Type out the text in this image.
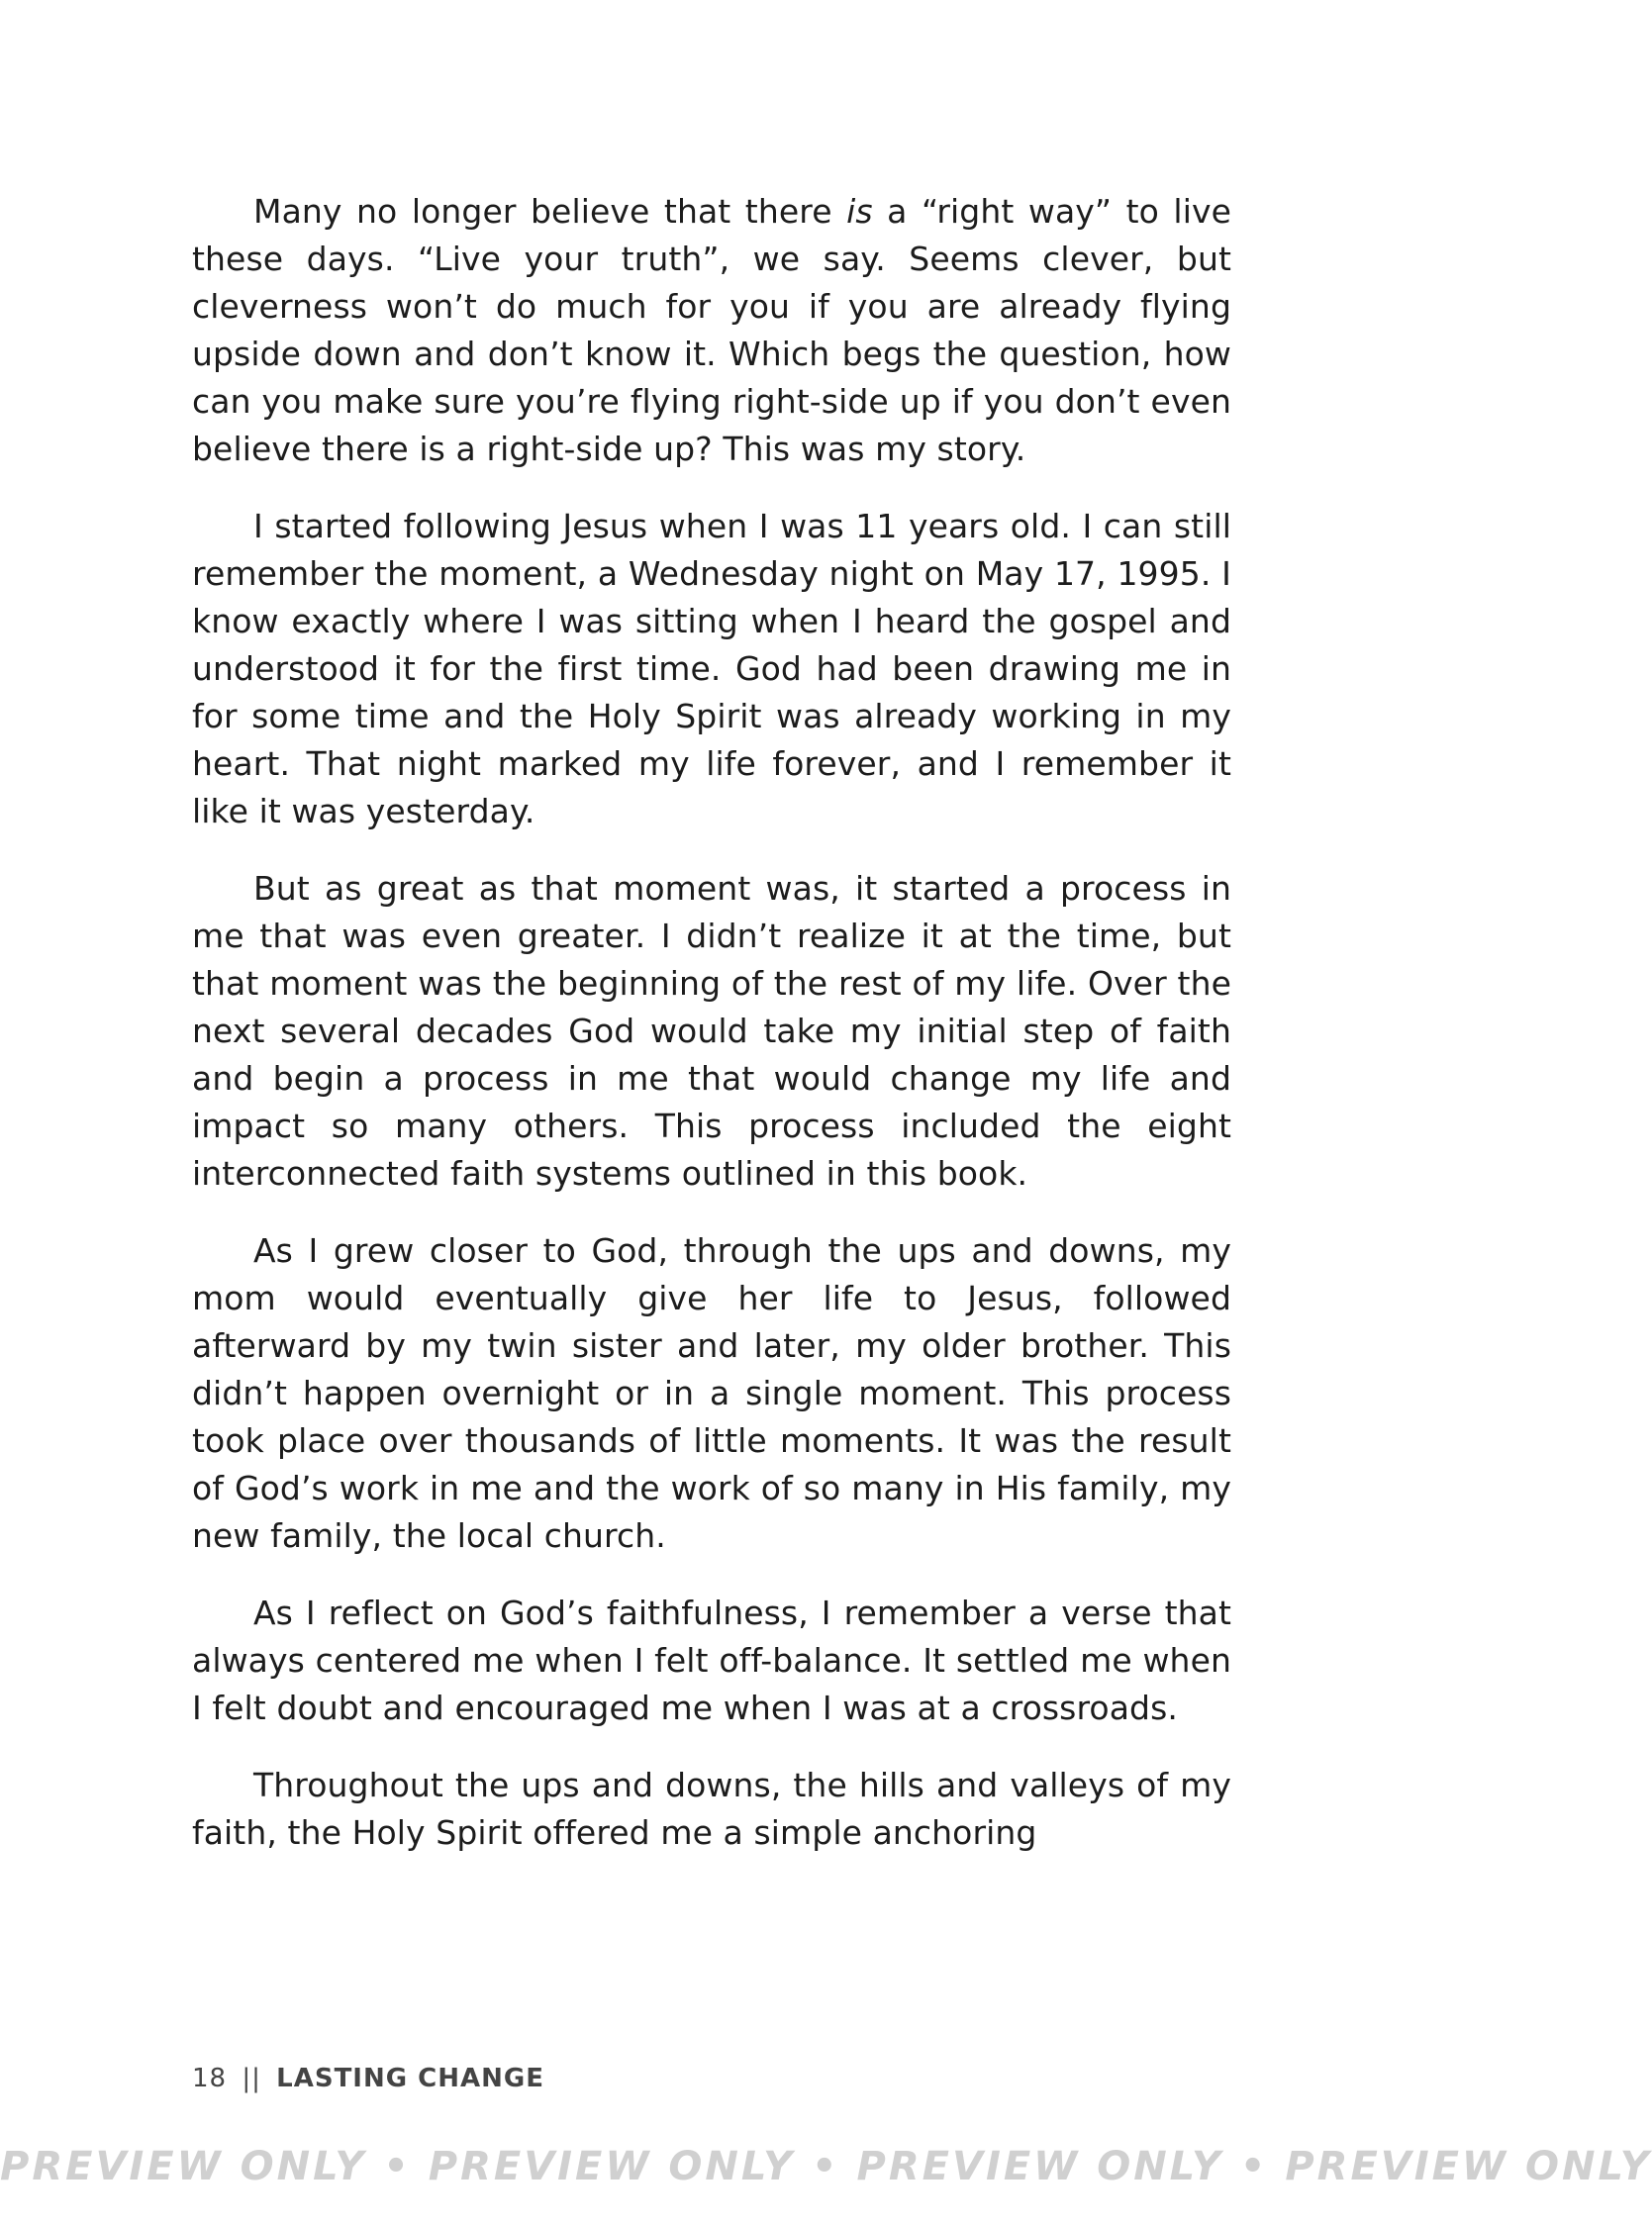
Many no longer believe that there is a “right way” to live these days. “Live your truth”, we say. Seems clever, but cleverness won’t do much for you if you are already flying upside down and don’t know it. Which begs the question, how can you make sure you’re flying right-side up if you don’t even believe there is a right-side up? This was my story.

I started following Jesus when I was 11 years old. I can still remember the moment, a Wednesday night on May 17, 1995. I know exactly where I was sitting when I heard the gospel and understood it for the first time. God had been drawing me in for some time and the Holy Spirit was already working in my heart. That night marked my life forever, and I remember it like it was yesterday.

But as great as that moment was, it started a process in me that was even greater. I didn’t realize it at the time, but that moment was the beginning of the rest of my life. Over the next several decades God would take my initial step of faith and begin a process in me that would change my life and impact so many others. This process included the eight interconnected faith systems outlined in this book.

As I grew closer to God, through the ups and downs, my mom would eventually give her life to Jesus, followed afterward by my twin sister and later, my older brother. This didn’t happen overnight or in a single moment. This process took place over thousands of little moments. It was the result of God’s work in me and the work of so many in His family, my new family, the local church.

As I reflect on God’s faithfulness, I remember a verse that always centered me when I felt off-balance. It settled me when I felt doubt and encouraged me when I was at a crossroads.

Throughout the ups and downs, the hills and valleys of my faith, the Holy Spirit offered me a simple anchoring

18 || LASTING CHANGE
PREVIEW ONLY • PREVIEW ONLY • PREVIEW ONLY • PREVIEW ONLY
